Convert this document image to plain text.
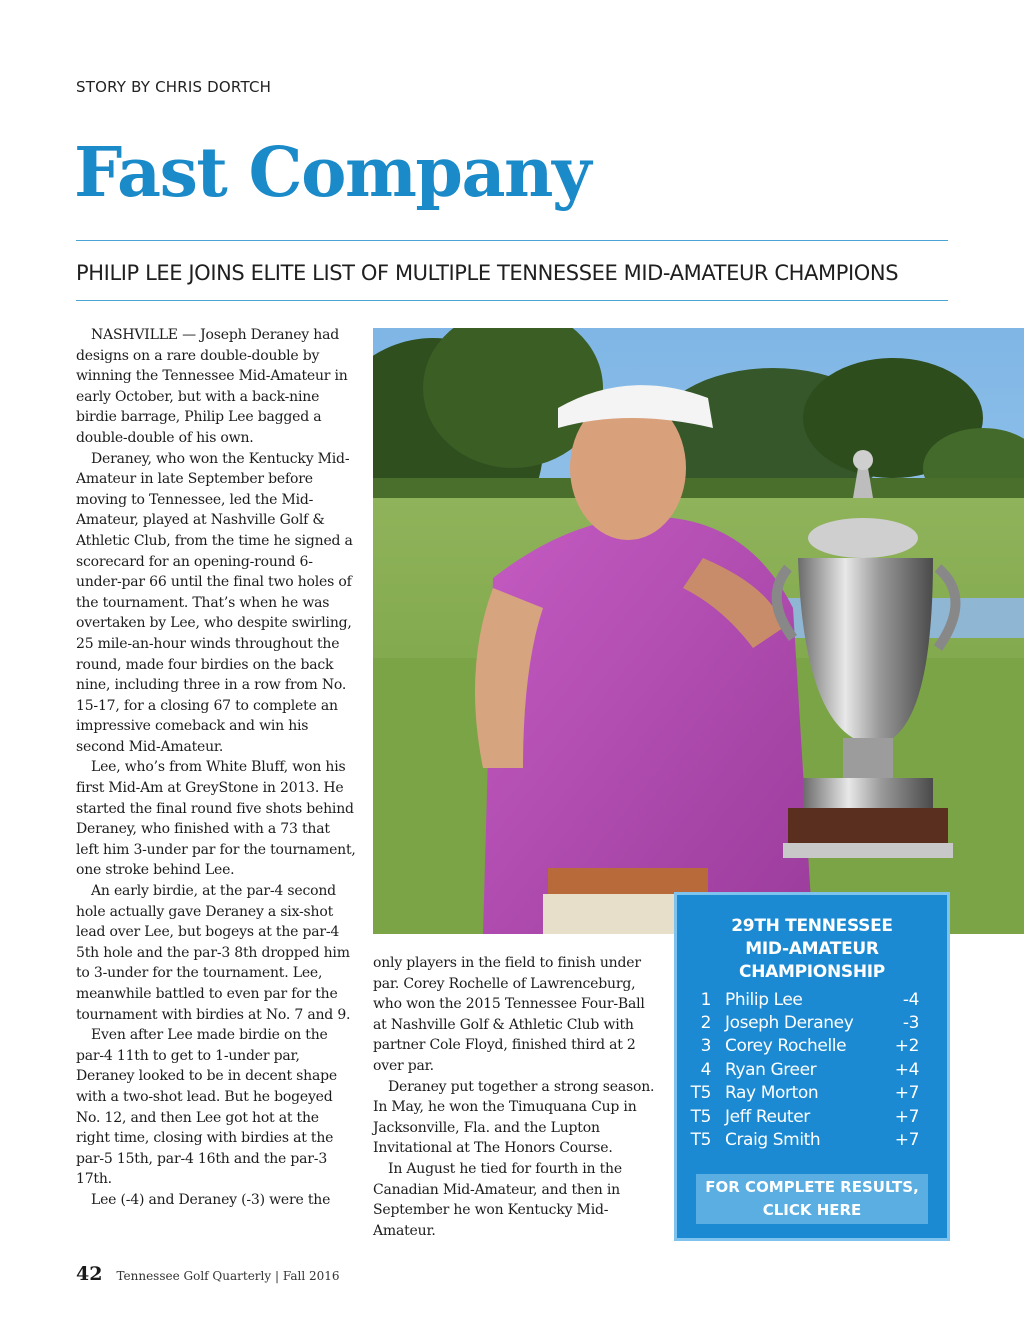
STORY BY CHRIS DORTCH
Fast Company
PHILIP LEE JOINS ELITE LIST OF MULTIPLE TENNESSEE MID-AMATEUR CHAMPIONS

NASHVILLE — Joseph Deraney had designs on a rare double-double by winning the Tennessee Mid-Amateur in early October, but with a back-nine birdie barrage, Philip Lee bagged a double-double of his own.

Deraney, who won the Kentucky Mid-Amateur in late September before moving to Tennessee, led the Mid-Amateur, played at Nashville Golf & Athletic Club, from the time he signed a scorecard for an opening-round 6-under-par 66 until the final two holes of the tournament. That’s when he was overtaken by Lee, who despite swirling, 25 mile-an-hour winds throughout the round, made four birdies on the back nine, including three in a row from No. 15-17, for a closing 67 to complete an impressive comeback and win his second Mid-Amateur.

Lee, who’s from White Bluff, won his first Mid-Am at GreyStone in 2013. He started the final round five shots behind Deraney, who finished with a 73 that left him 3-under par for the tournament, one stroke behind Lee.

An early birdie, at the par-4 second hole actually gave Deraney a six-shot lead over Lee, but bogeys at the par-4 5th hole and the par-3 8th dropped him to 3-under for the tournament. Lee, meanwhile battled to even par for the tournament with birdies at No. 7 and 9.

Even after Lee made birdie on the par-4 11th to get to 1-under par, Deraney looked to be in decent shape with a two-shot lead. But he bogeyed No. 12, and then Lee got hot at the right time, closing with birdies at the par-5 15th, par-4 16th and the par-3 17th.

Lee (-4) and Deraney (-3) were the

only players in the field to finish under par. Corey Rochelle of Lawrenceburg, who won the 2015 Tennessee Four-Ball at Nashville Golf & Athletic Club with partner Cole Floyd, finished third at 2 over par.

Deraney put together a strong season. In May, he won the Timuquana Cup in Jacksonville, Fla. and the Lupton Invitational at The Honors Course.

In August he tied for fourth in the Canadian Mid-Amateur, and then in September he won Kentucky Mid-Amateur.

29TH TENNESSEE
MID-AMATEUR
CHAMPIONSHIP
1 Philip Lee	-4
2 Joseph Deraney	-3
3 Corey Rochelle	+2
4 Ryan Greer	+4
T5 Ray Morton	+7
T5 Jeff Reuter	+7
T5 Craig Smith	+7
FOR COMPLETE RESULTS,
CLICK HERE
42 Tennessee Golf Quarterly | Fall 2016
